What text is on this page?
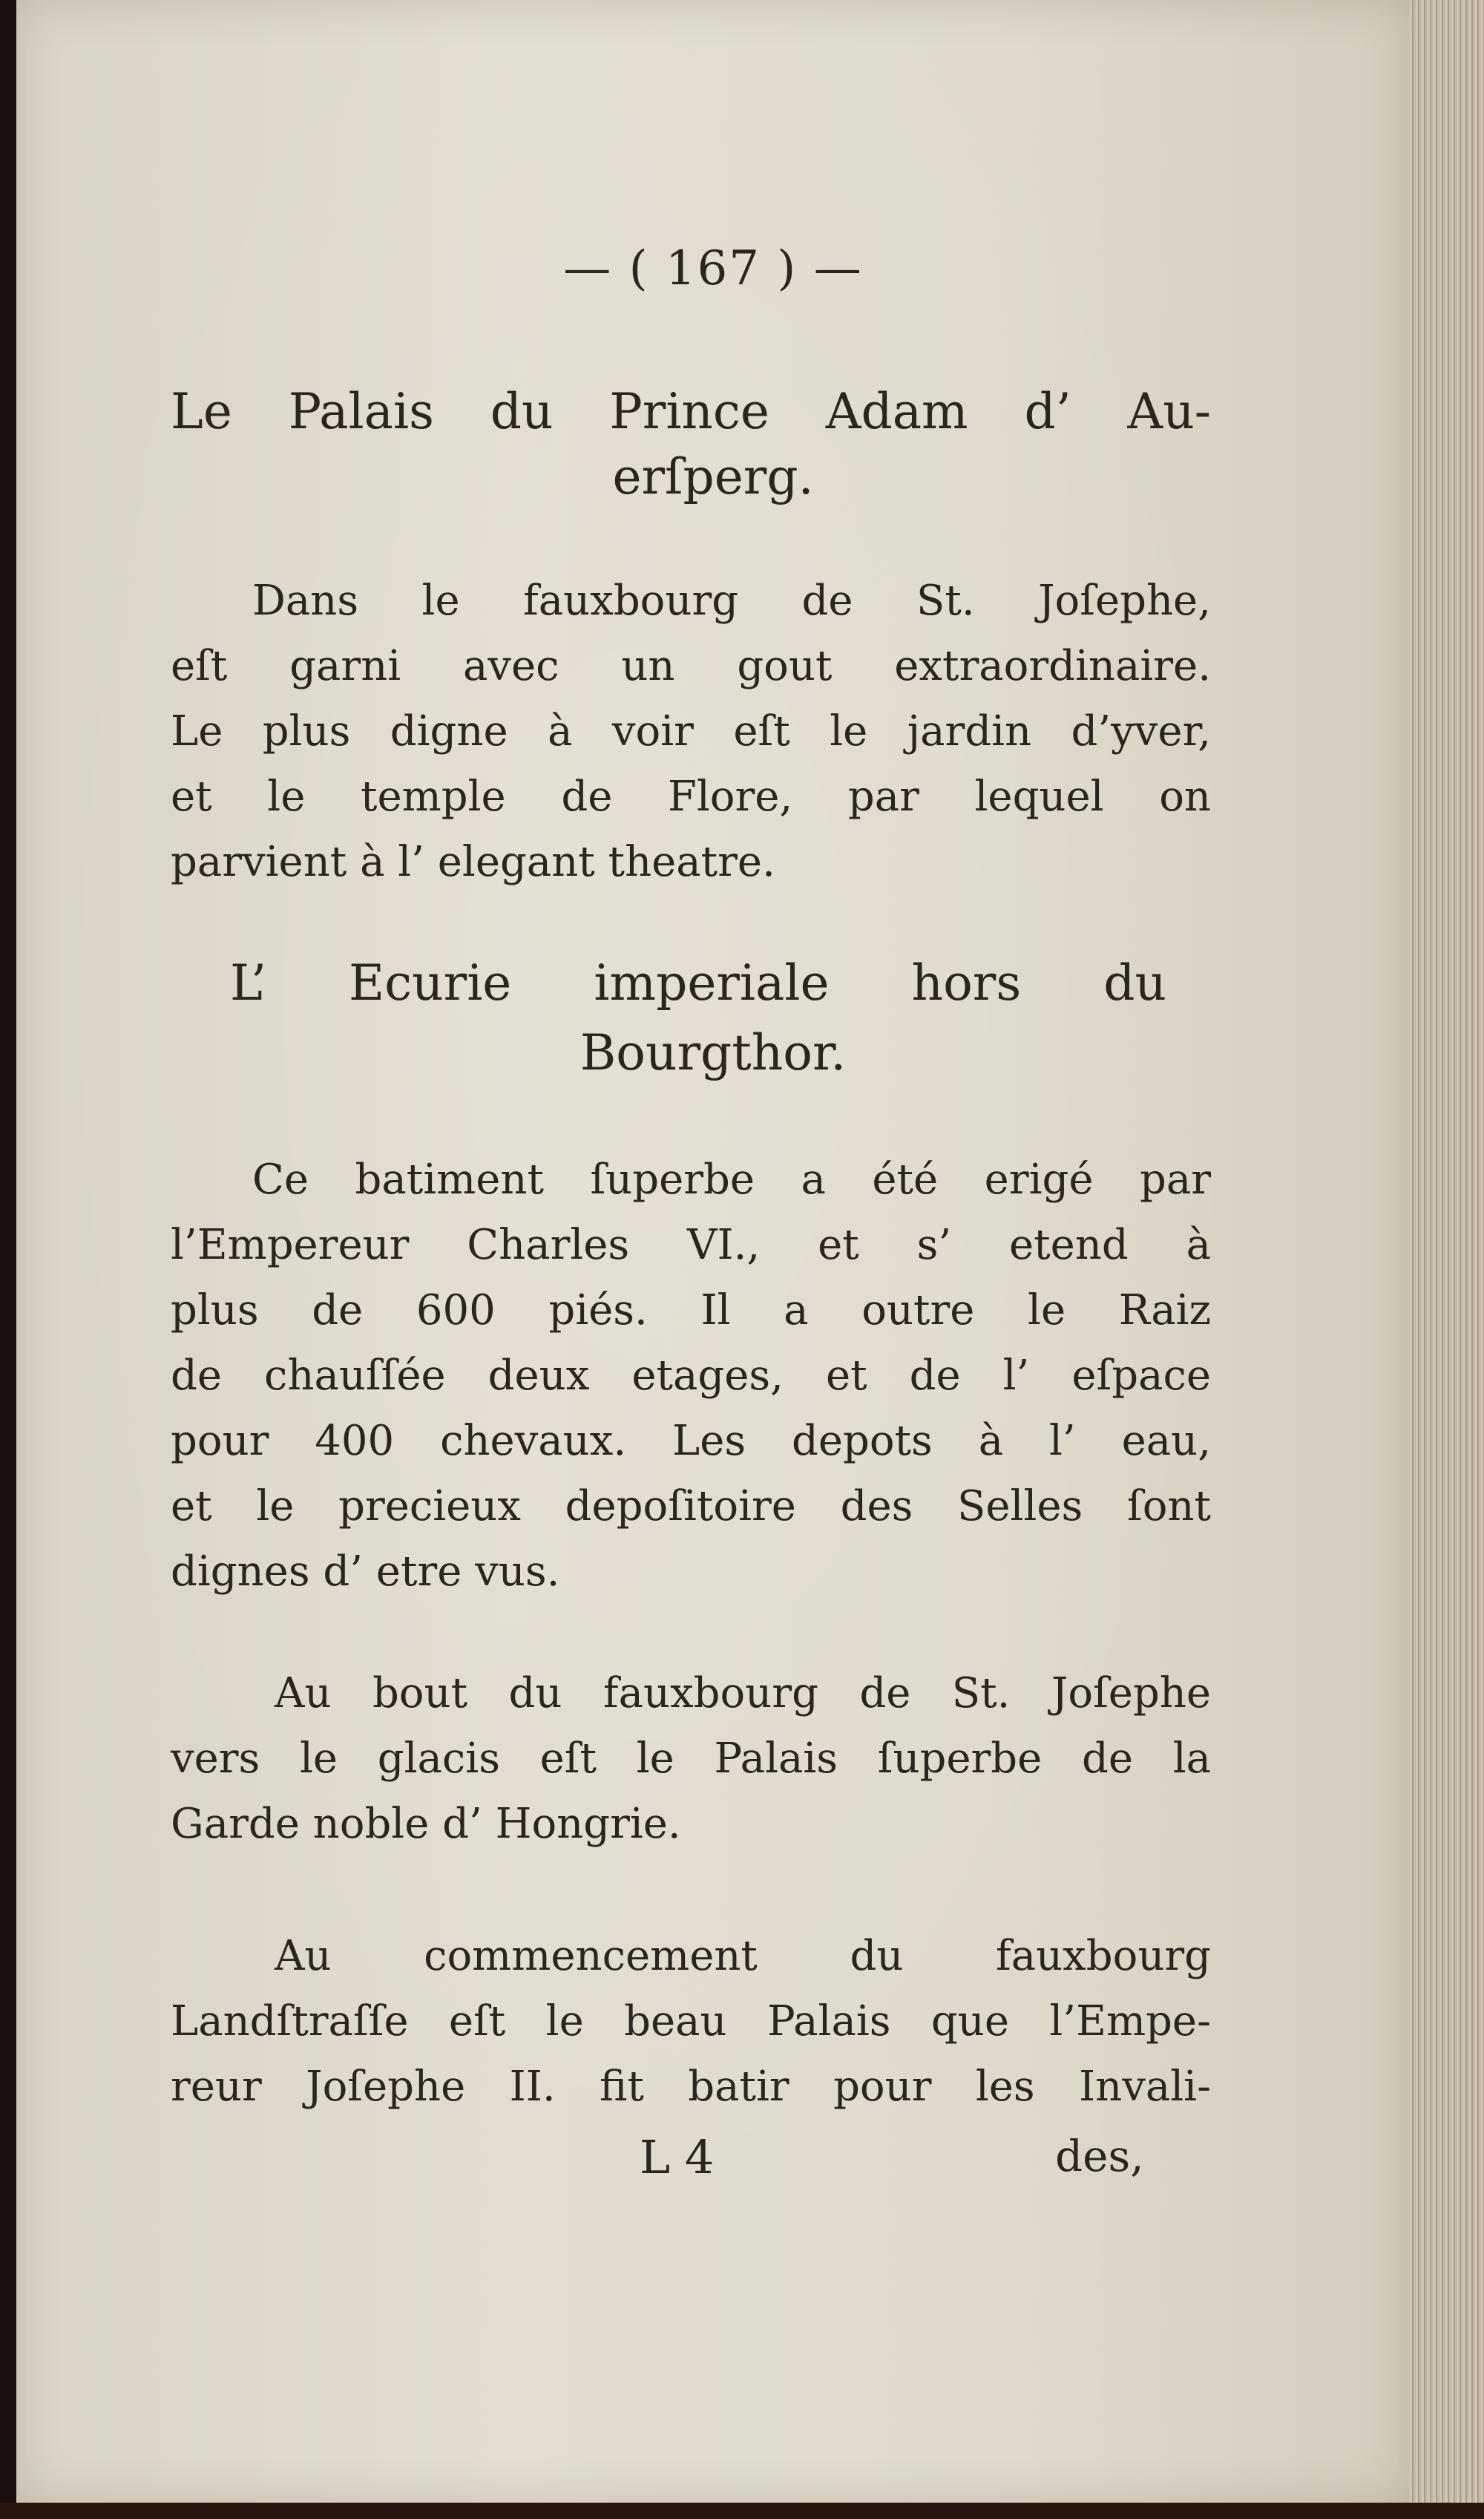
— ( 167 ) —

Le Palais du Prince Adam d’ Au-

erſperg.

Dans le fauxbourg de St. Joſephe,

eſt garni avec un gout extraordinaire.

Le plus digne à voir eſt le jardin d’yver,

et le temple de Flore, par lequel on

parvient à l’ elegant theatre.

L’ Ecurie imperiale hors du

Bourgthor.

Ce batiment ſuperbe a été erigé par

l’Empereur Charles VI., et s’ etend à

plus de 600 piés. Il a outre le Raiz

de chauſſée deux etages, et de l’ eſpace

pour 400 chevaux. Les depots à l’ eau,

et le precieux depoſitoire des Selles ſont

dignes d’ etre vus.

Au bout du fauxbourg de St. Joſephe

vers le glacis eſt le Palais ſuperbe de la

Garde noble d’ Hongrie.

Au commencement du fauxbourg

Landſtraſſe eſt le beau Palais que l’Empe-

reur Joſephe II. fit batir pour les Invali-

L 4	des,
